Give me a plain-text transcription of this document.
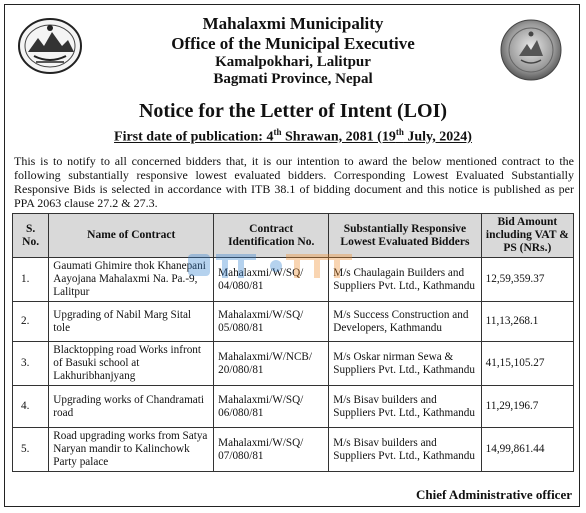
Mahalaxmi Municipality
Office of the Municipal Executive
Kamalpokhari, Lalitpur
Bagmati Province, Nepal
Notice for the Letter of Intent (LOI)
First date of publication: 4th Shrawan, 2081 (19th July, 2024)
This is to notify to all concerned bidders that, it is our intention to award the below mentioned contract to the following substantially responsive lowest evaluated bidders. Corresponding Lowest Evaluated Substantially Responsive Bids is selected in accordance with ITB 38.1 of bidding document and this notice is published as per PPA 2063 clause 27.2 & 27.3.
S. No.	Name of Contract	Contract Identification No.	Substantially Responsive Lowest Evaluated Bidders	Bid Amount including VAT & PS (NRs.)
1.	Gaumati Ghimire thok Khanepani Aayojana Mahalaxmi Na. Pa.-9, Lalitpur	Mahalaxmi/W/SQ/ 04/080/81	M/s Chaulagain Builders and Suppliers Pvt. Ltd., Kathmandu	12,59,359.37
2.	Upgrading of Nabil Marg Sital tole	Mahalaxmi/W/SQ/ 05/080/81	M/s Success Construction and Developers, Kathmandu	11,13,268.1
3.	Blacktopping road Works infront of Basuki school at Lakhuribhanjyang	Mahalaxmi/W/NCB/ 20/080/81	M/s Oskar nirman Sewa & Suppliers Pvt. Ltd., Kathmandu	41,15,105.27
4.	Upgrading works of Chandramati road	Mahalaxmi/W/SQ/ 06/080/81	M/s Bisav builders and Suppliers Pvt. Ltd., Kathmandu	11,29,196.7
5.	Road upgrading works from Satya Naryan mandir to Kalinchowk Party palace	Mahalaxmi/W/SQ/ 07/080/81	M/s Bisav builders and Suppliers Pvt. Ltd., Kathmandu	14,99,861.44
Chief Administrative officer
